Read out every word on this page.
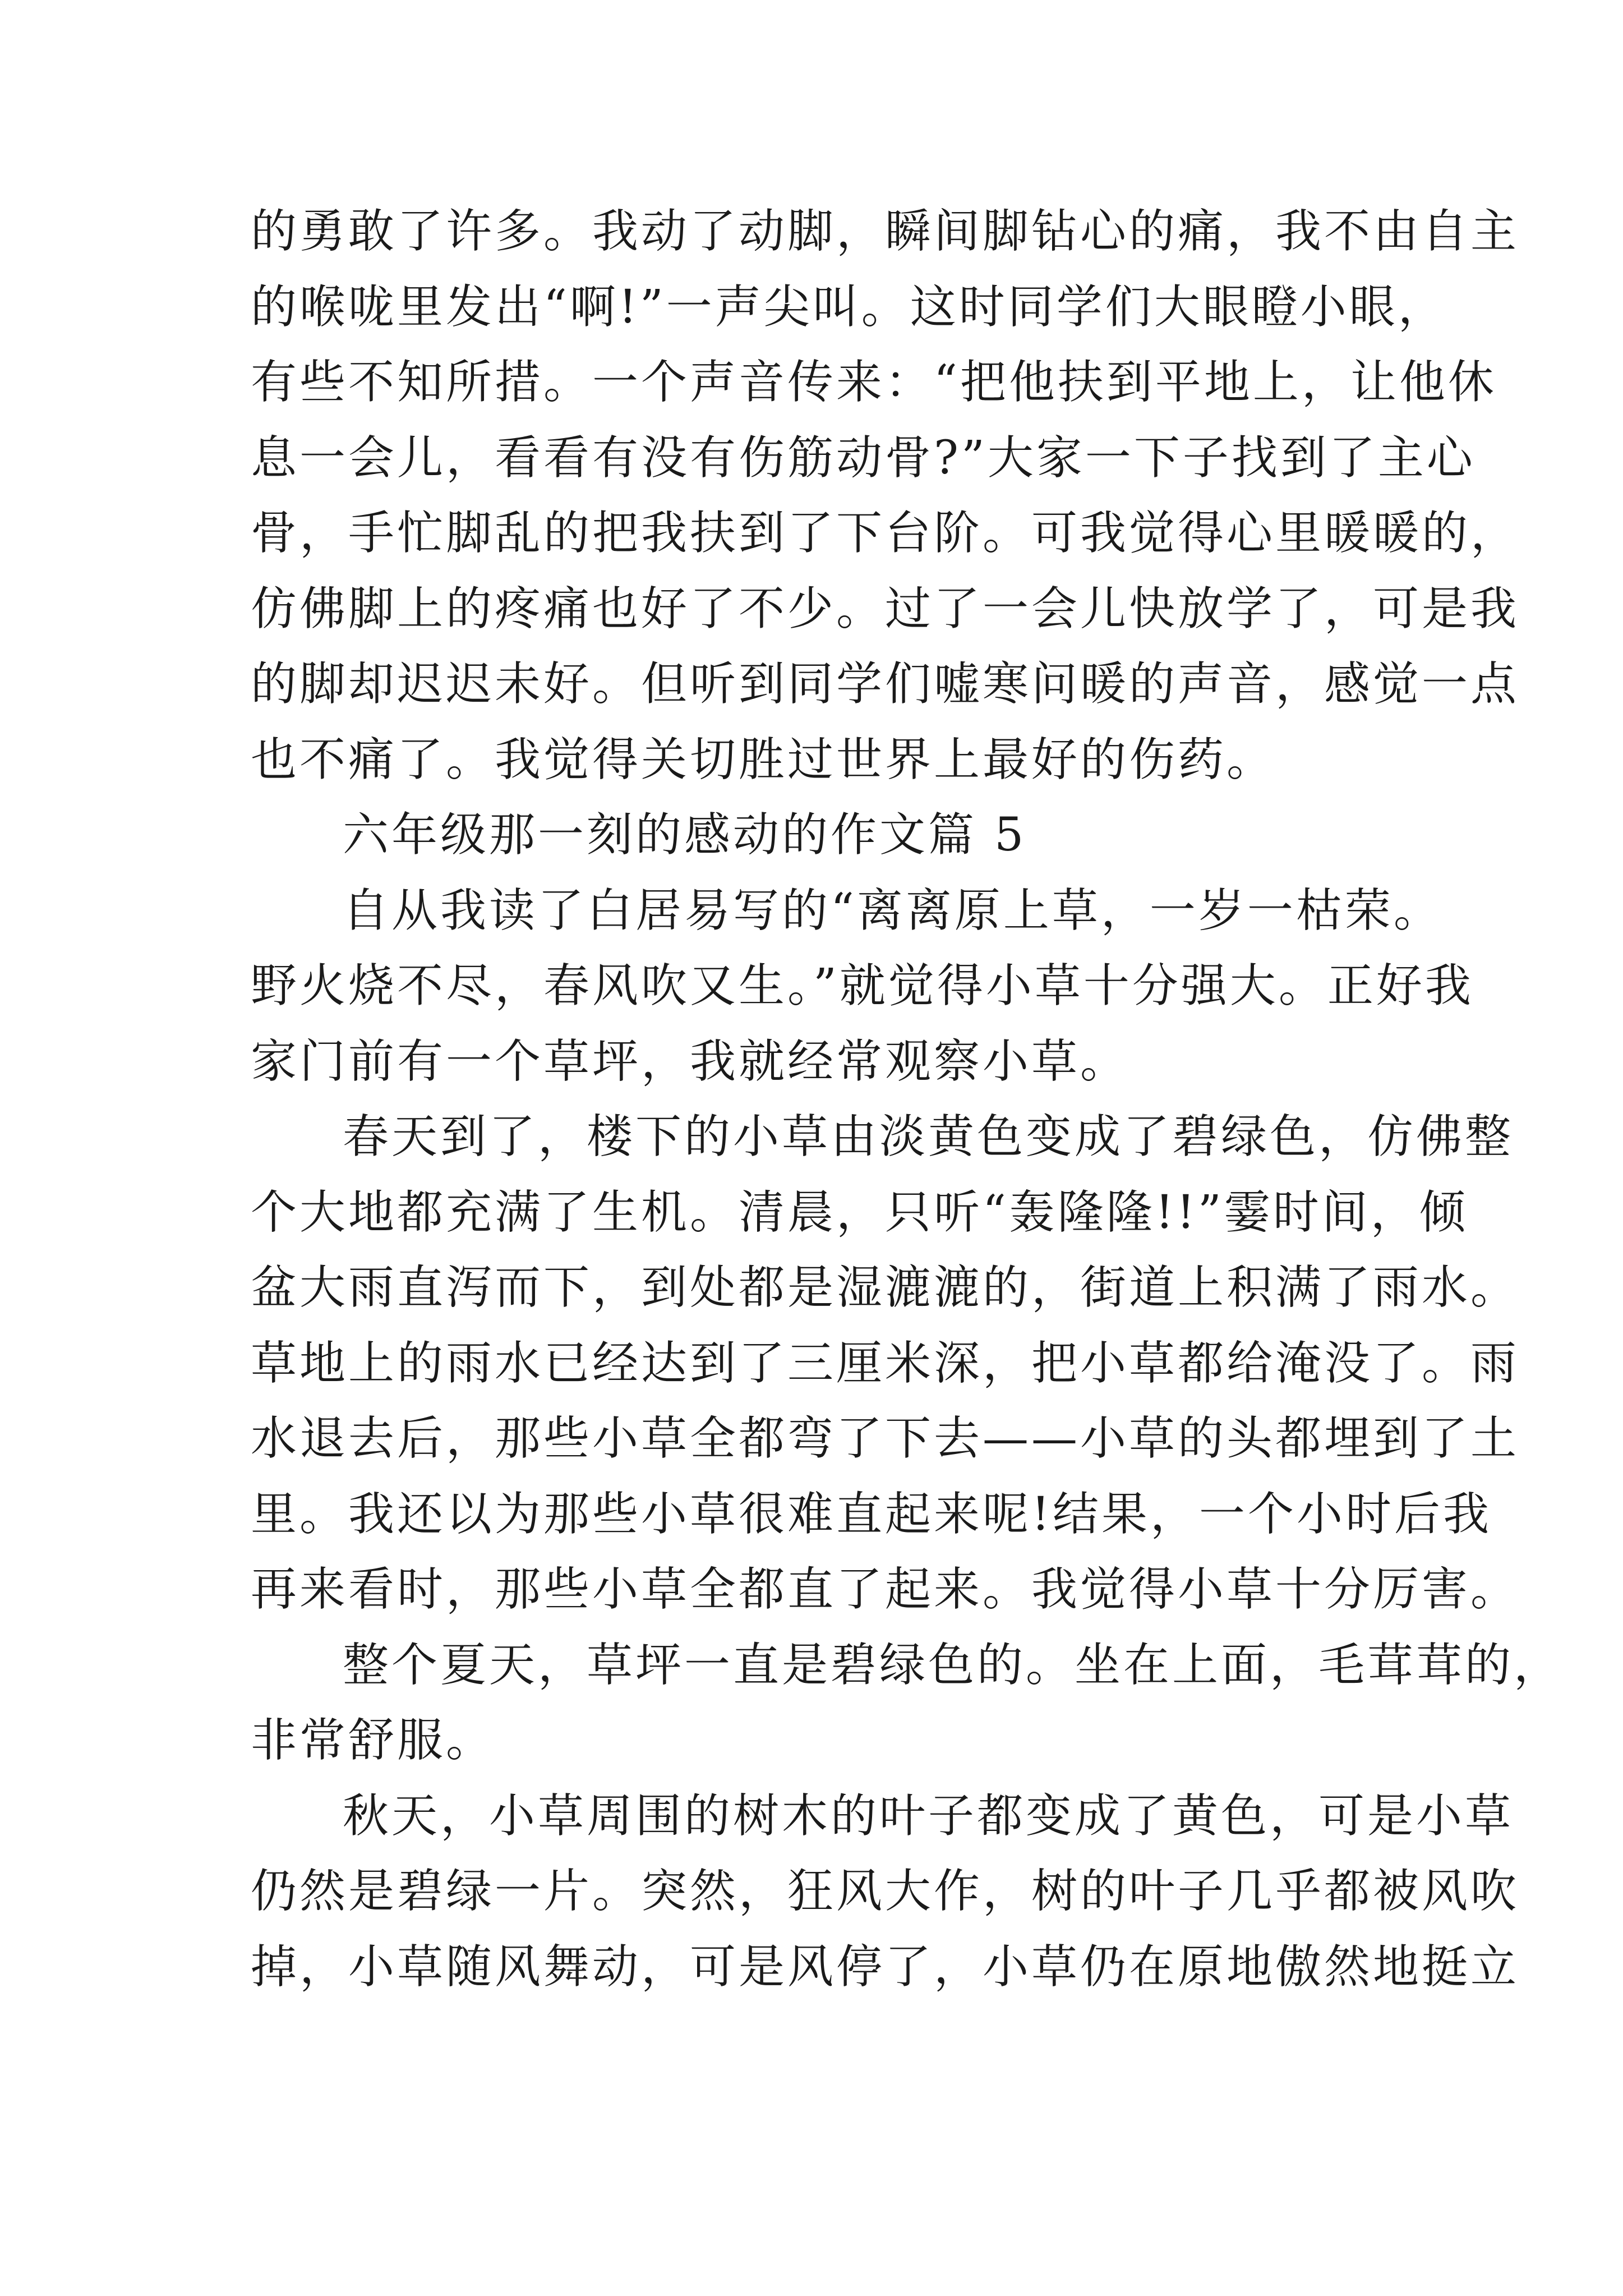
的勇敢了许多。我动了动脚，瞬间脚钻心的痛，我不由自主
的喉咙里发出“啊!”一声尖叫。这时同学们大眼瞪小眼，
有些不知所措。一个声音传来：“把他扶到平地上，让他休
息一会儿，看看有没有伤筋动骨?”大家一下子找到了主心
骨，手忙脚乱的把我扶到了下台阶。可我觉得心里暖暖的，
仿佛脚上的疼痛也好了不少。过了一会儿快放学了，可是我
的脚却迟迟未好。但听到同学们嘘寒问暖的声音，感觉一点
也不痛了。我觉得关切胜过世界上最好的伤药。
六年级那一刻的感动的作文篇 5
自从我读了白居易写的“离离原上草，一岁一枯荣。
野火烧不尽，春风吹又生。”就觉得小草十分强大。正好我
家门前有一个草坪，我就经常观察小草。
春天到了，楼下的小草由淡黄色变成了碧绿色，仿佛整
个大地都充满了生机。清晨，只听“轰隆隆!!”霎时间，倾
盆大雨直泻而下，到处都是湿漉漉的，街道上积满了雨水。
草地上的雨水已经达到了三厘米深，把小草都给淹没了。雨
水退去后，那些小草全都弯了下去——小草的头都埋到了土
里。我还以为那些小草很难直起来呢!结果，一个小时后我
再来看时，那些小草全都直了起来。我觉得小草十分厉害。
整个夏天，草坪一直是碧绿色的。坐在上面，毛茸茸的，
非常舒服。
秋天，小草周围的树木的叶子都变成了黄色，可是小草
仍然是碧绿一片。突然，狂风大作，树的叶子几乎都被风吹
掉，小草随风舞动，可是风停了，小草仍在原地傲然地挺立
